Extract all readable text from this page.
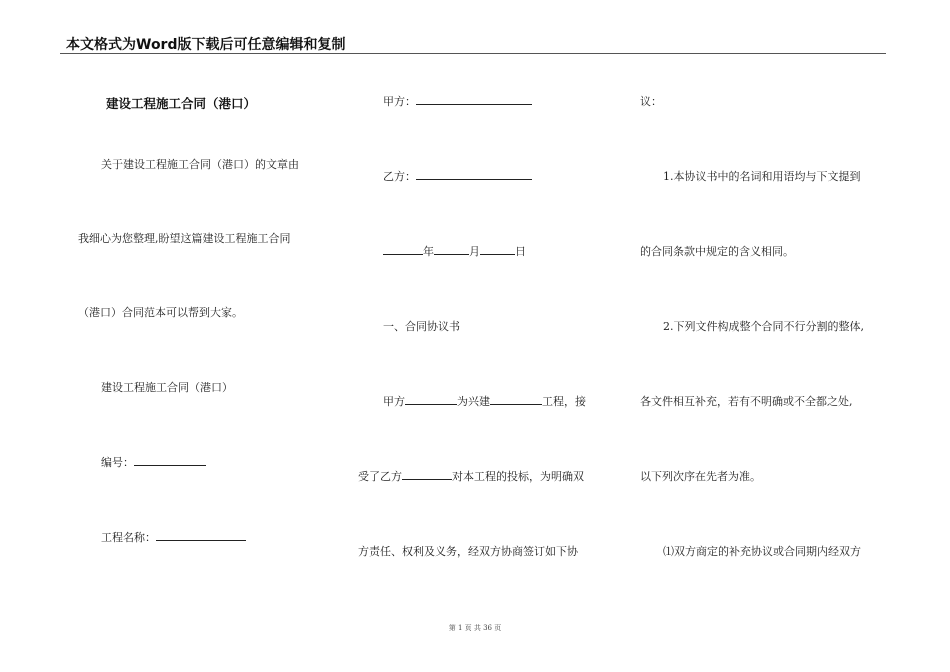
本文格式为Word版下载后可任意编辑和复制
建设工程施工合同（港口）
关于建设工程施工合同（港口）的文章由
我细心为您整理,盼望这篇建设工程施工合同
（港口）合同范本可以帮到大家。
建设工程施工合同（港口）
编号：
工程名称：
甲方：
乙方：
年	月	日
一、合同协议书
甲方	为兴建	工程，接
受了乙方	对本工程的投标，为明确双
方责任、权利及义务，经双方协商签订如下协
议：
1.本协议书中的名词和用语均与下文提到
的合同条款中规定的含义相同。
2.下列文件构成整个合同不行分割的整体,
各文件相互补充，若有不明确或不全都之处,
以下列次序在先者为准。
⑴双方商定的补充协议或合同期内经双方
第 1 页 共 36 页
